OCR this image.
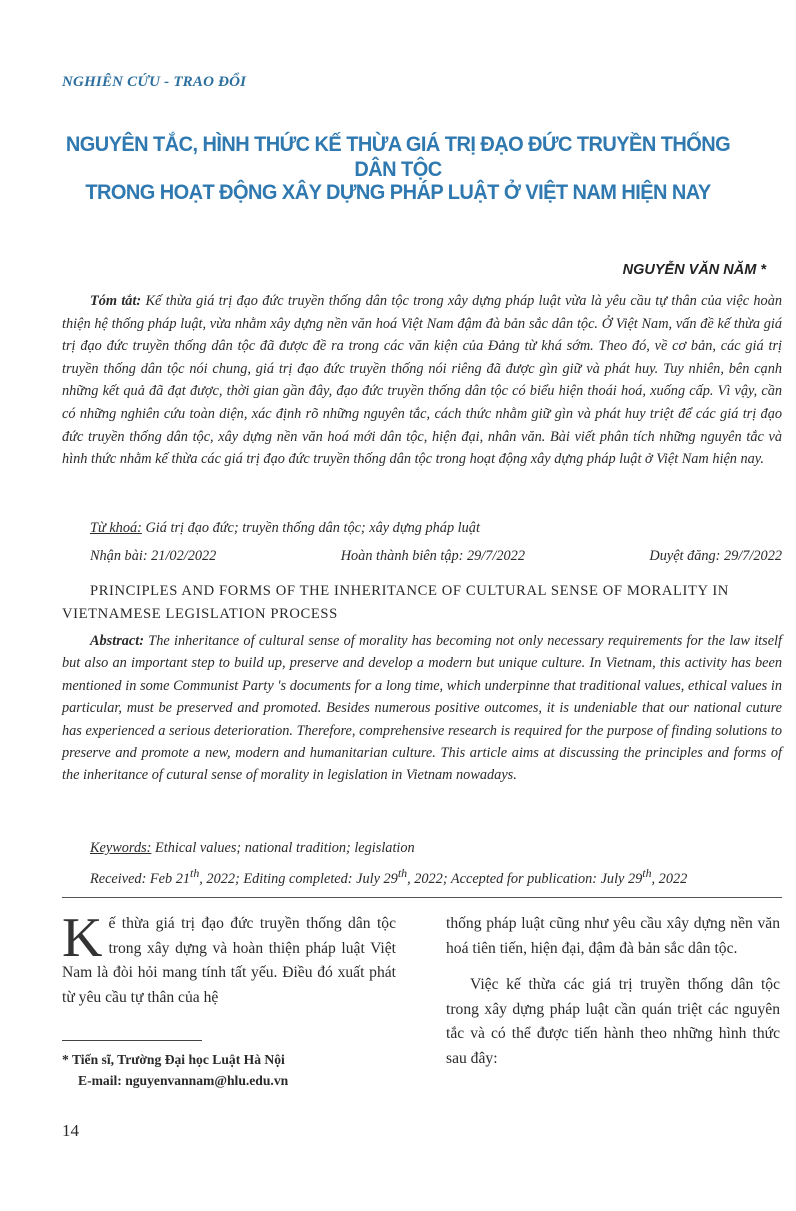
NGHIÊN CỨU - TRAO ĐỔI
NGUYÊN TẮC, HÌNH THỨC KẾ THỪA GIÁ TRỊ ĐẠO ĐỨC TRUYỀN THỐNG DÂN TỘC
TRONG HOẠT ĐỘNG XÂY DỰNG PHÁP LUẬT Ở VIỆT NAM HIỆN NAY
NGUYỄN VĂN NĂM *
Tóm tắt: Kế thừa giá trị đạo đức truyền thống dân tộc trong xây dựng pháp luật vừa là yêu cầu tự thân của việc hoàn thiện hệ thống pháp luật, vừa nhằm xây dựng nền văn hoá Việt Nam đậm đà bản sắc dân tộc. Ở Việt Nam, vấn đề kế thừa giá trị đạo đức truyền thống dân tộc đã được đề ra trong các văn kiện của Đảng từ khá sớm. Theo đó, về cơ bản, các giá trị truyền thống dân tộc nói chung, giá trị đạo đức truyền thống nói riêng đã được gìn giữ và phát huy. Tuy nhiên, bên cạnh những kết quả đã đạt được, thời gian gần đây, đạo đức truyền thống dân tộc có biểu hiện thoái hoá, xuống cấp. Vì vậy, cần có những nghiên cứu toàn diện, xác định rõ những nguyên tắc, cách thức nhằm giữ gìn và phát huy triệt để các giá trị đạo đức truyền thống dân tộc, xây dựng nền văn hoá mới dân tộc, hiện đại, nhân văn. Bài viết phân tích những nguyên tắc và hình thức nhằm kế thừa các giá trị đạo đức truyền thống dân tộc trong hoạt động xây dựng pháp luật ở Việt Nam hiện nay.
Từ khoá: Giá trị đạo đức; truyền thống dân tộc; xây dựng pháp luật
Nhận bài: 21/02/2022	Hoàn thành biên tập: 29/7/2022	Duyệt đăng: 29/7/2022
PRINCIPLES AND FORMS OF THE INHERITANCE OF CULTURAL SENSE OF MORALITY IN VIETNAMESE LEGISLATION PROCESS
Abstract: The inheritance of cultural sense of morality has becoming not only necessary requirements for the law itself but also an important step to build up, preserve and develop a modern but unique culture. In Vietnam, this activity has been mentioned in some Communist Party 's documents for a long time, which underpinne that traditional values, ethical values in particular, must be preserved and promoted. Besides numerous positive outcomes, it is undeniable that our national cuture has experienced a serious deterioration. Therefore, comprehensive research is required for the purpose of finding solutions to preserve and promote a new, modern and humanitarian culture. This article aims at discussing the principles and forms of the inheritance of cutural sense of morality in legislation in Vietnam nowadays.
Keywords: Ethical values; national tradition; legislation
Received: Feb 21th, 2022; Editing completed: July 29th, 2022; Accepted for publication: July 29th, 2022
Kế thừa giá trị đạo đức truyền thống dân tộc trong xây dựng và hoàn thiện pháp luật Việt Nam là đòi hỏi mang tính tất yếu. Điều đó xuất phát từ yêu cầu tự thân của hệ
thống pháp luật cũng như yêu cầu xây dựng nền văn hoá tiên tiến, hiện đại, đậm đà bản sắc dân tộc.
Việc kế thừa các giá trị truyền thống dân tộc trong xây dựng pháp luật cần quán triệt các nguyên tắc và có thể được tiến hành theo những hình thức sau đây:
* Tiến sĩ, Trường Đại học Luật Hà Nội
E-mail: nguyenvannam@hlu.edu.vn
14
